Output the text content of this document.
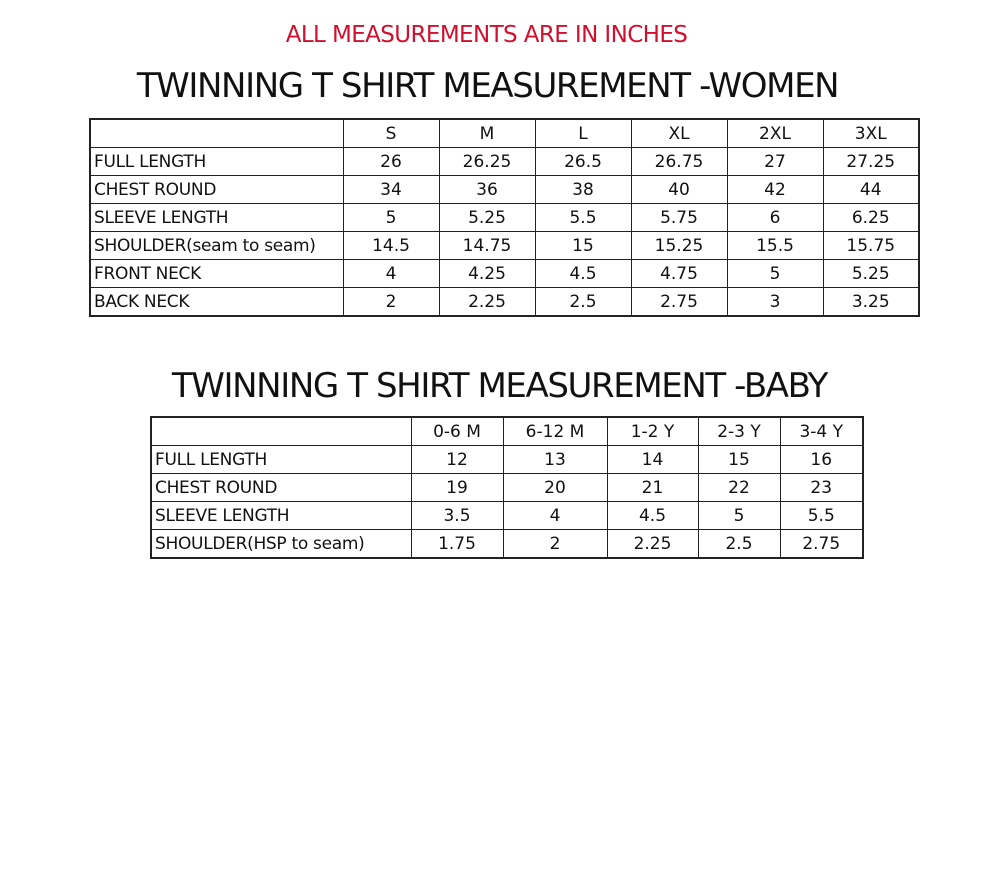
ALL MEASUREMENTS ARE IN INCHES
TWINNING T SHIRT MEASUREMENT -WOMEN
	S	M	L	XL	2XL	3XL
FULL LENGTH	26	26.25	26.5	26.75	27	27.25
CHEST ROUND	34	36	38	40	42	44
SLEEVE LENGTH	5	5.25	5.5	5.75	6	6.25
SHOULDER(seam to seam)	14.5	14.75	15	15.25	15.5	15.75
FRONT NECK	4	4.25	4.5	4.75	5	5.25
BACK NECK	2	2.25	2.5	2.75	3	3.25
TWINNING T SHIRT MEASUREMENT -BABY
	0-6 M	6-12 M	1-2 Y	2-3 Y	3-4 Y
FULL LENGTH	12	13	14	15	16
CHEST ROUND	19	20	21	22	23
SLEEVE LENGTH	3.5	4	4.5	5	5.5
SHOULDER(HSP to seam)	1.75	2	2.25	2.5	2.75
